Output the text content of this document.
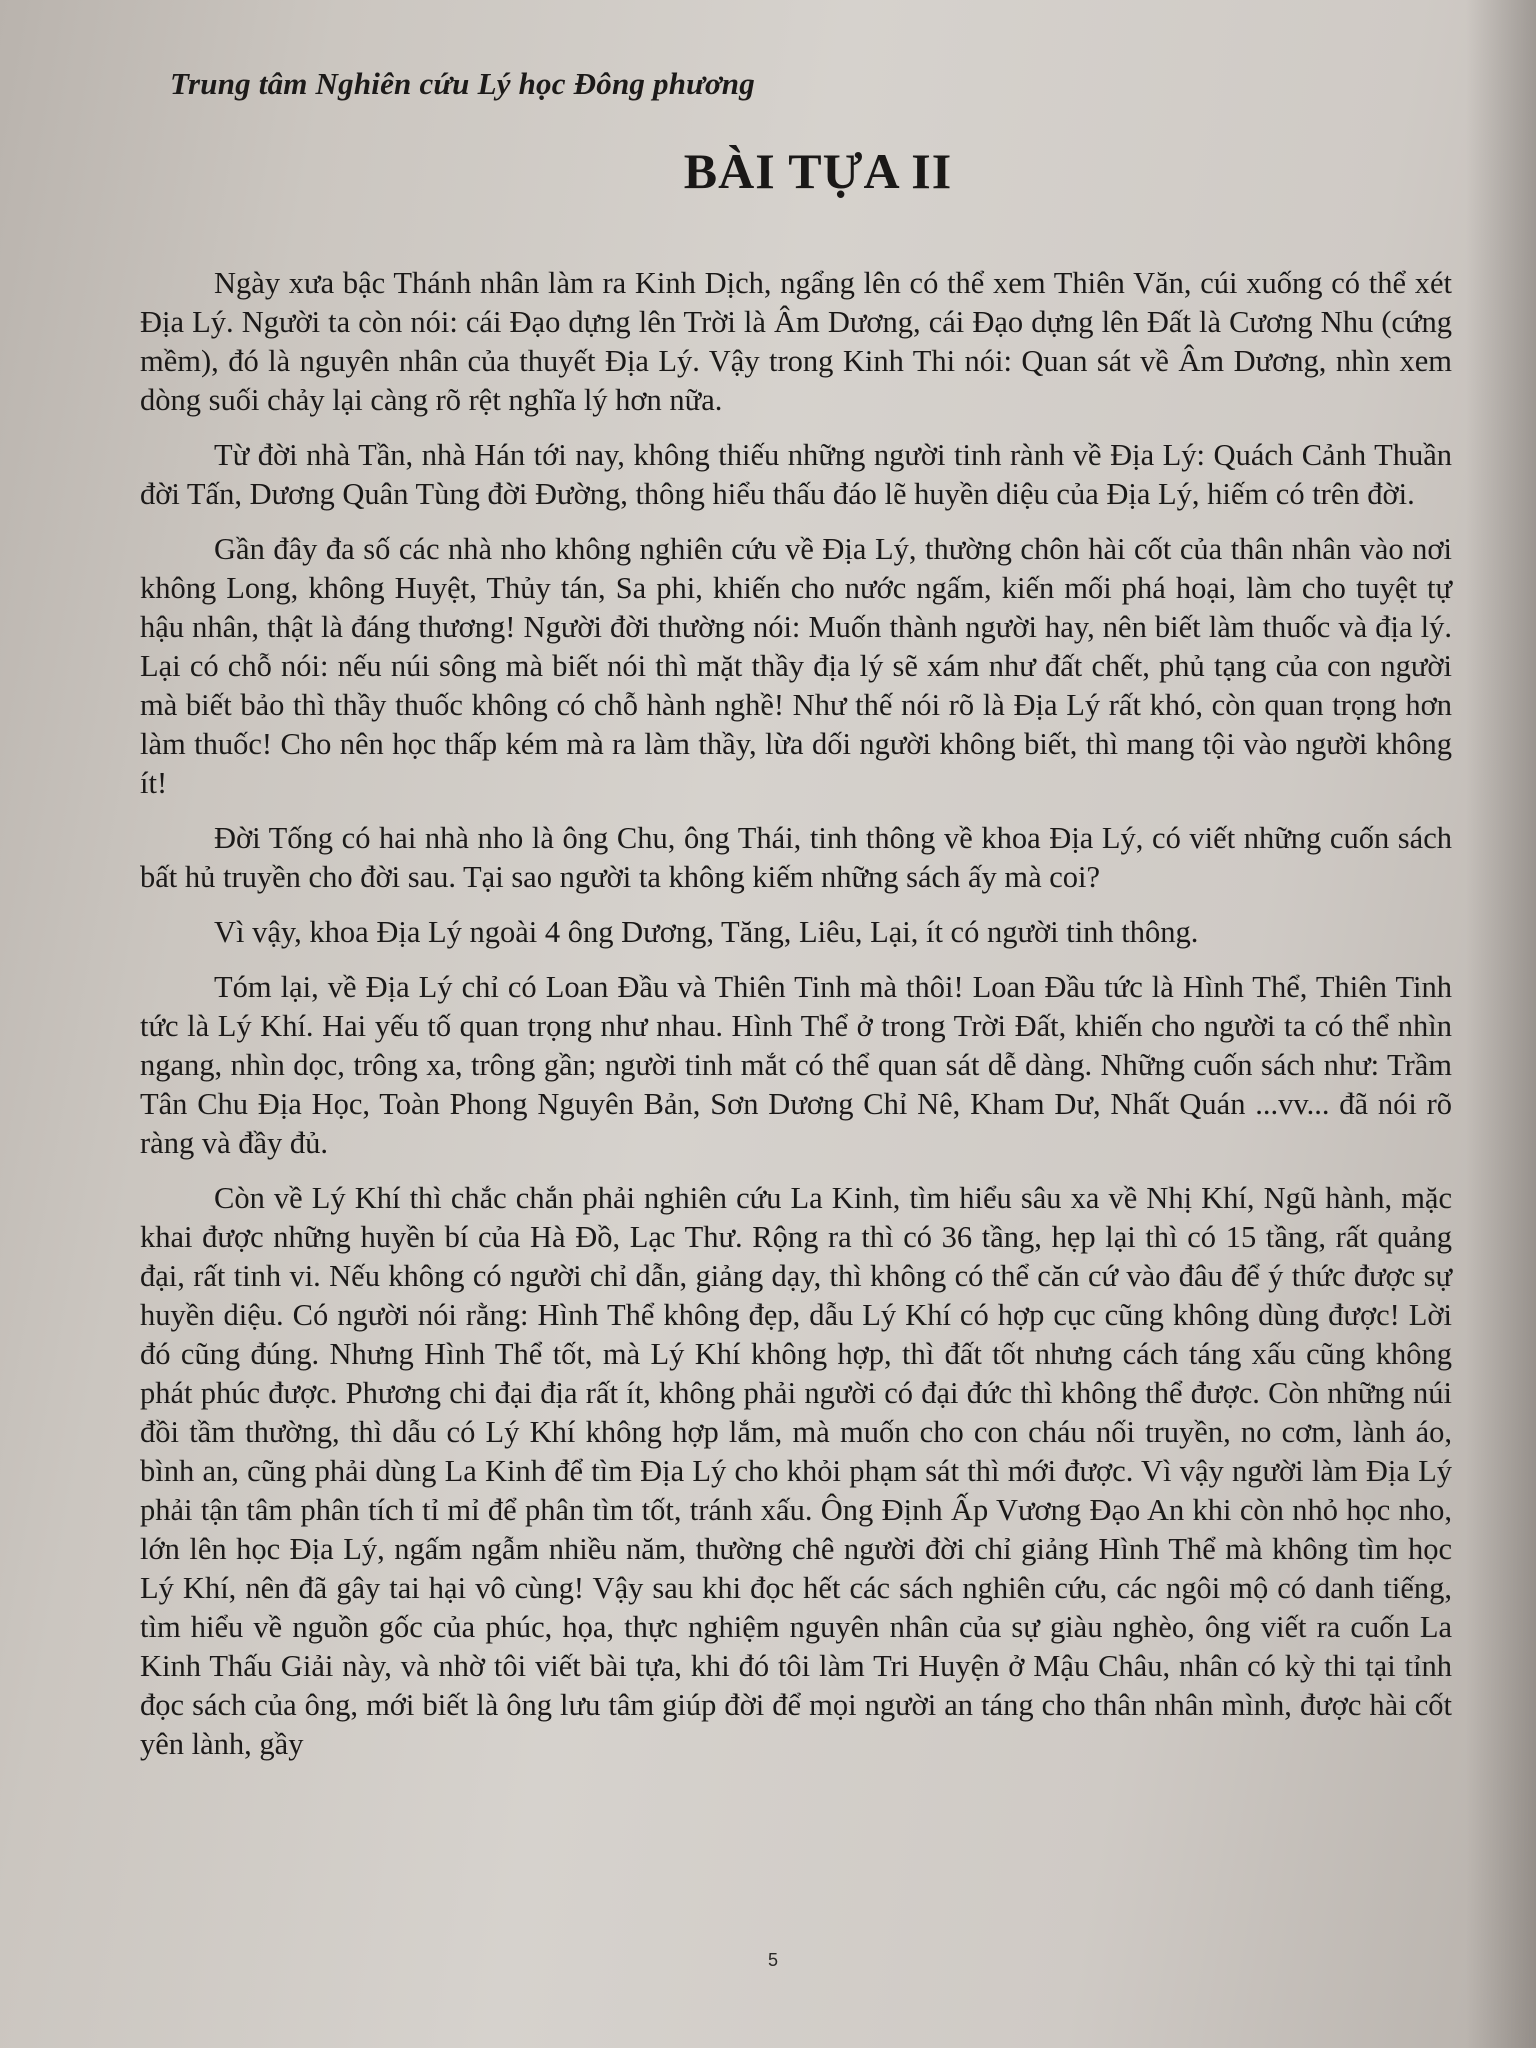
Trung tâm Nghiên cứu Lý học Đông phương
BÀI TỰA II

Ngày xưa bậc Thánh nhân làm ra Kinh Dịch, ngẩng lên có thể xem Thiên Văn, cúi xuống có thể xét Địa Lý. Người ta còn nói: cái Đạo dựng lên Trời là Âm Dương, cái Đạo dựng lên Đất là Cương Nhu (cứng mềm), đó là nguyên nhân của thuyết Địa Lý. Vậy trong Kinh Thi nói: Quan sát về Âm Dương, nhìn xem dòng suối chảy lại càng rõ rệt nghĩa lý hơn nữa.

Từ đời nhà Tần, nhà Hán tới nay, không thiếu những người tinh rành về Địa Lý: Quách Cảnh Thuần đời Tấn, Dương Quân Tùng đời Đường, thông hiểu thấu đáo lẽ huyền diệu của Địa Lý, hiếm có trên đời.

Gần đây đa số các nhà nho không nghiên cứu về Địa Lý, thường chôn hài cốt của thân nhân vào nơi không Long, không Huyệt, Thủy tán, Sa phi, khiến cho nước ngấm, kiến mối phá hoại, làm cho tuyệt tự hậu nhân, thật là đáng thương! Người đời thường nói: Muốn thành người hay, nên biết làm thuốc và địa lý. Lại có chỗ nói: nếu núi sông mà biết nói thì mặt thầy địa lý sẽ xám như đất chết, phủ tạng của con người mà biết bảo thì thầy thuốc không có chỗ hành nghề! Như thế nói rõ là Địa Lý rất khó, còn quan trọng hơn làm thuốc! Cho nên học thấp kém mà ra làm thầy, lừa dối người không biết, thì mang tội vào người không ít!

Đời Tống có hai nhà nho là ông Chu, ông Thái, tinh thông về khoa Địa Lý, có viết những cuốn sách bất hủ truyền cho đời sau. Tại sao người ta không kiếm những sách ấy mà coi?

Vì vậy, khoa Địa Lý ngoài 4 ông Dương, Tăng, Liêu, Lại, ít có người tinh thông.

Tóm lại, về Địa Lý chỉ có Loan Đầu và Thiên Tinh mà thôi! Loan Đầu tức là Hình Thể, Thiên Tinh tức là Lý Khí. Hai yếu tố quan trọng như nhau. Hình Thể ở trong Trời Đất, khiến cho người ta có thể nhìn ngang, nhìn dọc, trông xa, trông gần; người tinh mắt có thể quan sát dễ dàng. Những cuốn sách như: Trầm Tân Chu Địa Học, Toàn Phong Nguyên Bản, Sơn Dương Chỉ Nê, Kham Dư, Nhất Quán ...vv... đã nói rõ ràng và đầy đủ.

Còn về Lý Khí thì chắc chắn phải nghiên cứu La Kinh, tìm hiểu sâu xa về Nhị Khí, Ngũ hành, mặc khai được những huyền bí của Hà Đồ, Lạc Thư. Rộng ra thì có 36 tầng, hẹp lại thì có 15 tầng, rất quảng đại, rất tinh vi. Nếu không có người chỉ dẫn, giảng dạy, thì không có thể căn cứ vào đâu để ý thức được sự huyền diệu. Có người nói rằng: Hình Thể không đẹp, dẫu Lý Khí có hợp cục cũng không dùng được! Lời đó cũng đúng. Nhưng Hình Thể tốt, mà Lý Khí không hợp, thì đất tốt nhưng cách táng xấu cũng không phát phúc được. Phương chi đại địa rất ít, không phải người có đại đức thì không thể được. Còn những núi đồi tầm thường, thì dẫu có Lý Khí không hợp lắm, mà muốn cho con cháu nối truyền, no cơm, lành áo, bình an, cũng phải dùng La Kinh để tìm Địa Lý cho khỏi phạm sát thì mới được. Vì vậy người làm Địa Lý phải tận tâm phân tích tỉ mỉ để phân tìm tốt, tránh xấu. Ông Định Ấp Vương Đạo An khi còn nhỏ học nho, lớn lên học Địa Lý, ngấm ngẫm nhiều năm, thường chê người đời chỉ giảng Hình Thể mà không tìm học Lý Khí, nên đã gây tai hại vô cùng! Vậy sau khi đọc hết các sách nghiên cứu, các ngôi mộ có danh tiếng, tìm hiểu về nguồn gốc của phúc, họa, thực nghiệm nguyên nhân của sự giàu nghèo, ông viết ra cuốn La Kinh Thấu Giải này, và nhờ tôi viết bài tựa, khi đó tôi làm Tri Huyện ở Mậu Châu, nhân có kỳ thi tại tỉnh đọc sách của ông, mới biết là ông lưu tâm giúp đời để mọi người an táng cho thân nhân mình, được hài cốt yên lành, gầy

5
